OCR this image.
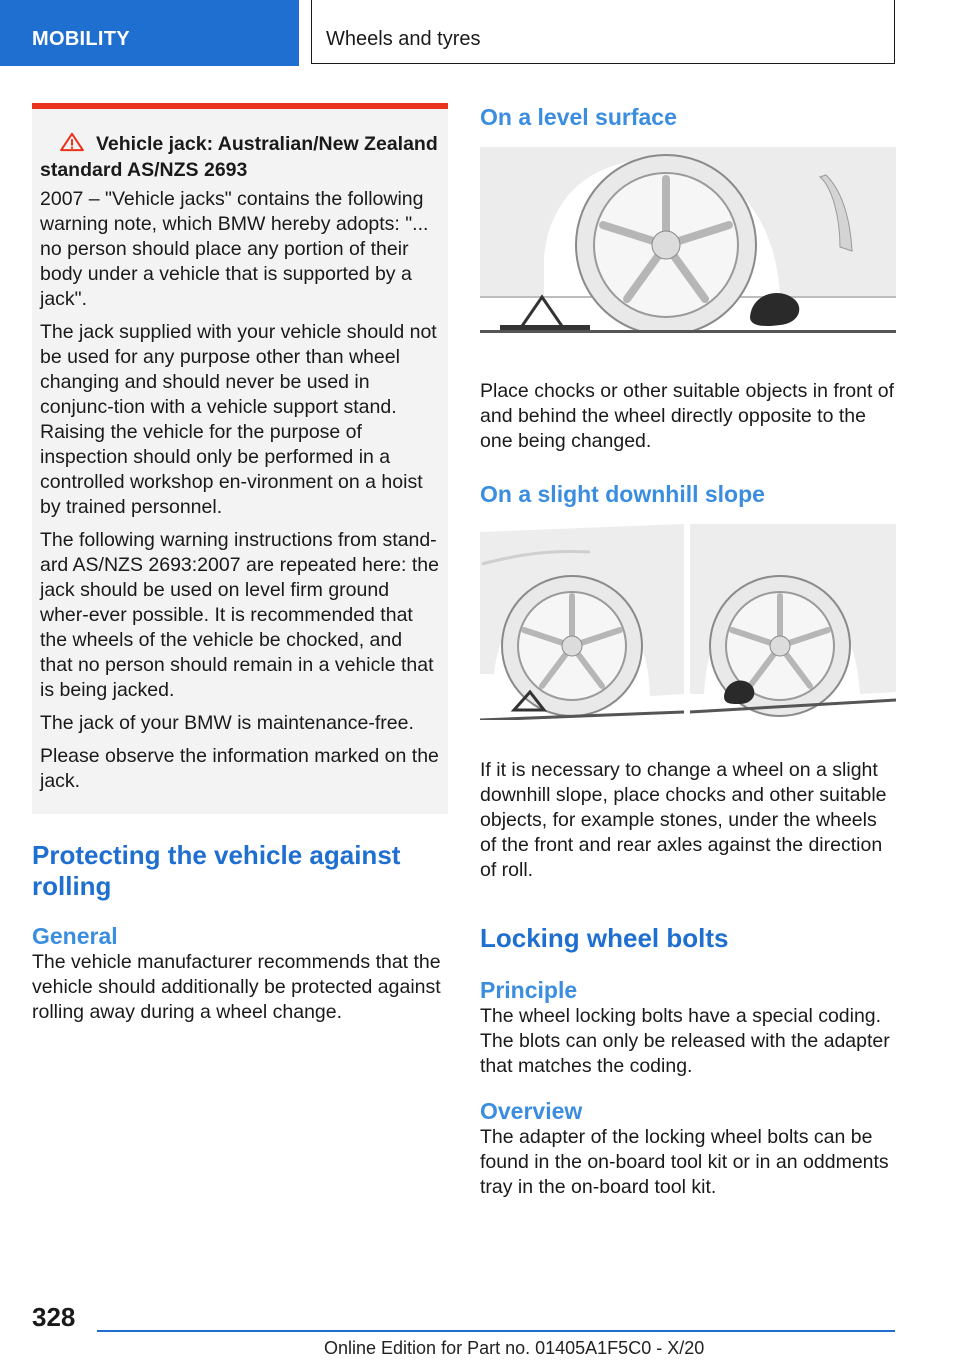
MOBILITY	Wheels and tyres
Vehicle jack: Australian/New Zealand standard AS/NZS 2693

2007 – "Vehicle jacks" contains the following warning note, which BMW hereby adopts: "... no person should place any portion of their body under a vehicle that is supported by a jack".

The jack supplied with your vehicle should not be used for any purpose other than wheel changing and should never be used in conjunc-tion with a vehicle support stand. Raising the vehicle for the purpose of inspection should only be performed in a controlled workshop en-vironment on a hoist by trained personnel.

The following warning instructions from stand-ard AS/NZS 2693:2007 are repeated here: the jack should be used on level firm ground wher-ever possible. It is recommended that the wheels of the vehicle be chocked, and that no person should remain in a vehicle that is being jacked.

The jack of your BMW is maintenance-free.

Please observe the information marked on the jack.

Protecting the vehicle against rolling
General

The vehicle manufacturer recommends that the vehicle should additionally be protected against rolling away during a wheel change.

On a level surface

Place chocks or other suitable objects in front of and behind the wheel directly opposite to the one being changed.

On a slight downhill slope

If it is necessary to change a wheel on a slight downhill slope, place chocks and other suitable objects, for example stones, under the wheels of the front and rear axles against the direction of roll.

Locking wheel bolts
Principle

The wheel locking bolts have a special coding. The blots can only be released with the adapter that matches the coding.

Overview

The adapter of the locking wheel bolts can be found in the on-board tool kit or in an oddments tray in the on-board tool kit.

328
Online Edition for Part no. 01405A1F5C0 - X/20
